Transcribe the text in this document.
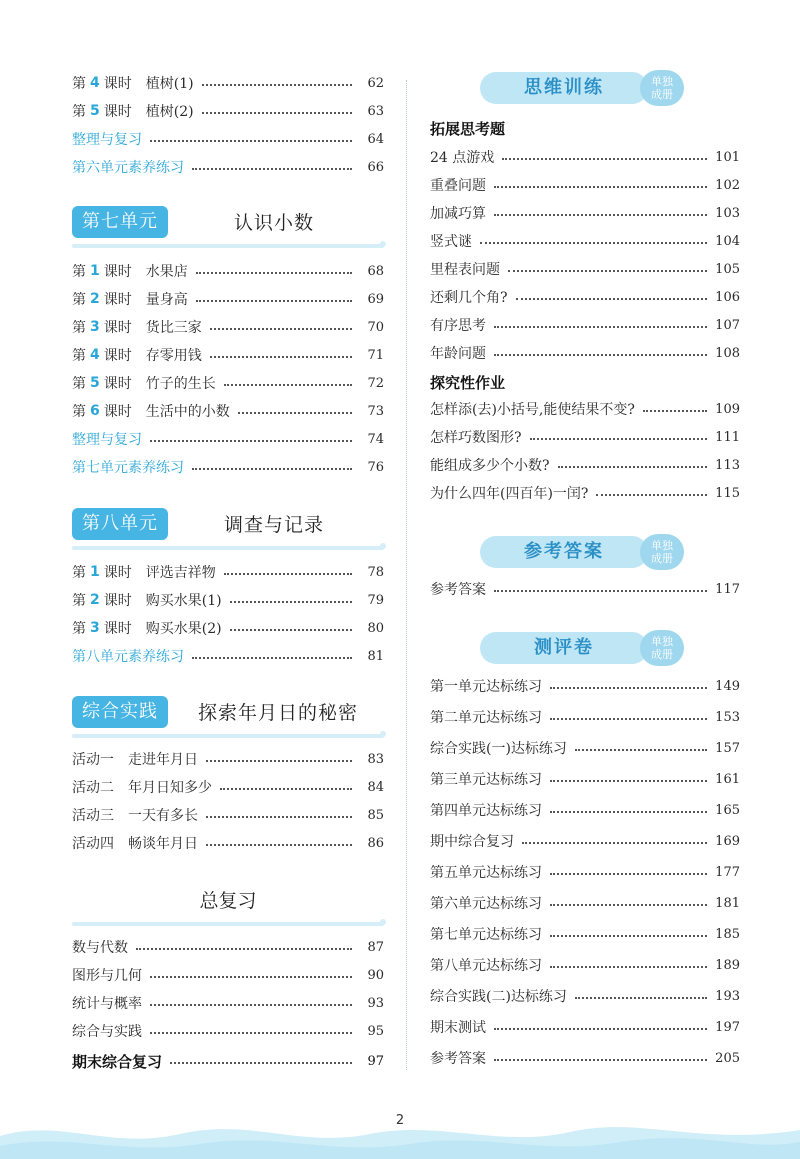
第 4 课时 植树(1)	62
第 5 课时 植树(2)	63
整理与复习	64
第六单元素养练习	66
第七单元	认识小数
第 1 课时 水果店	68
第 2 课时 量身高	69
第 3 课时 货比三家	70
第 4 课时 存零用钱	71
第 5 课时 竹子的生长	72
第 6 课时 生活中的小数	73
整理与复习	74
第七单元素养练习	76
第八单元	调查与记录
第 1 课时 评选吉祥物	78
第 2 课时 购买水果(1)	79
第 3 课时 购买水果(2)	80
第八单元素养练习	81
综合实践	探索年月日的秘密
活动一 走进年月日	83
活动二 年月日知多少	84
活动三 一天有多长	85
活动四 畅谈年月日	86
总复习
数与代数	87
图形与几何	90
统计与概率	93
综合与实践	95
期末综合复习	97
思维训练	单独
成册
拓展思考题
24 点游戏	101
重叠问题	102
加减巧算	103
竖式谜	104
里程表问题	105
还剩几个角?	106
有序思考	107
年龄问题	108
探究性作业
怎样添(去)小括号,能使结果不变?	109
怎样巧数图形?	111
能组成多少个小数?	113
为什么四年(四百年)一闰?	115
参考答案	单独
成册
参考答案	117
测评卷	单独
成册
第一单元达标练习	149
第二单元达标练习	153
综合实践(一)达标练习	157
第三单元达标练习	161
第四单元达标练习	165
期中综合复习	169
第五单元达标练习	177
第六单元达标练习	181
第七单元达标练习	185
第八单元达标练习	189
综合实践(二)达标练习	193
期末测试	197
参考答案	205
2
